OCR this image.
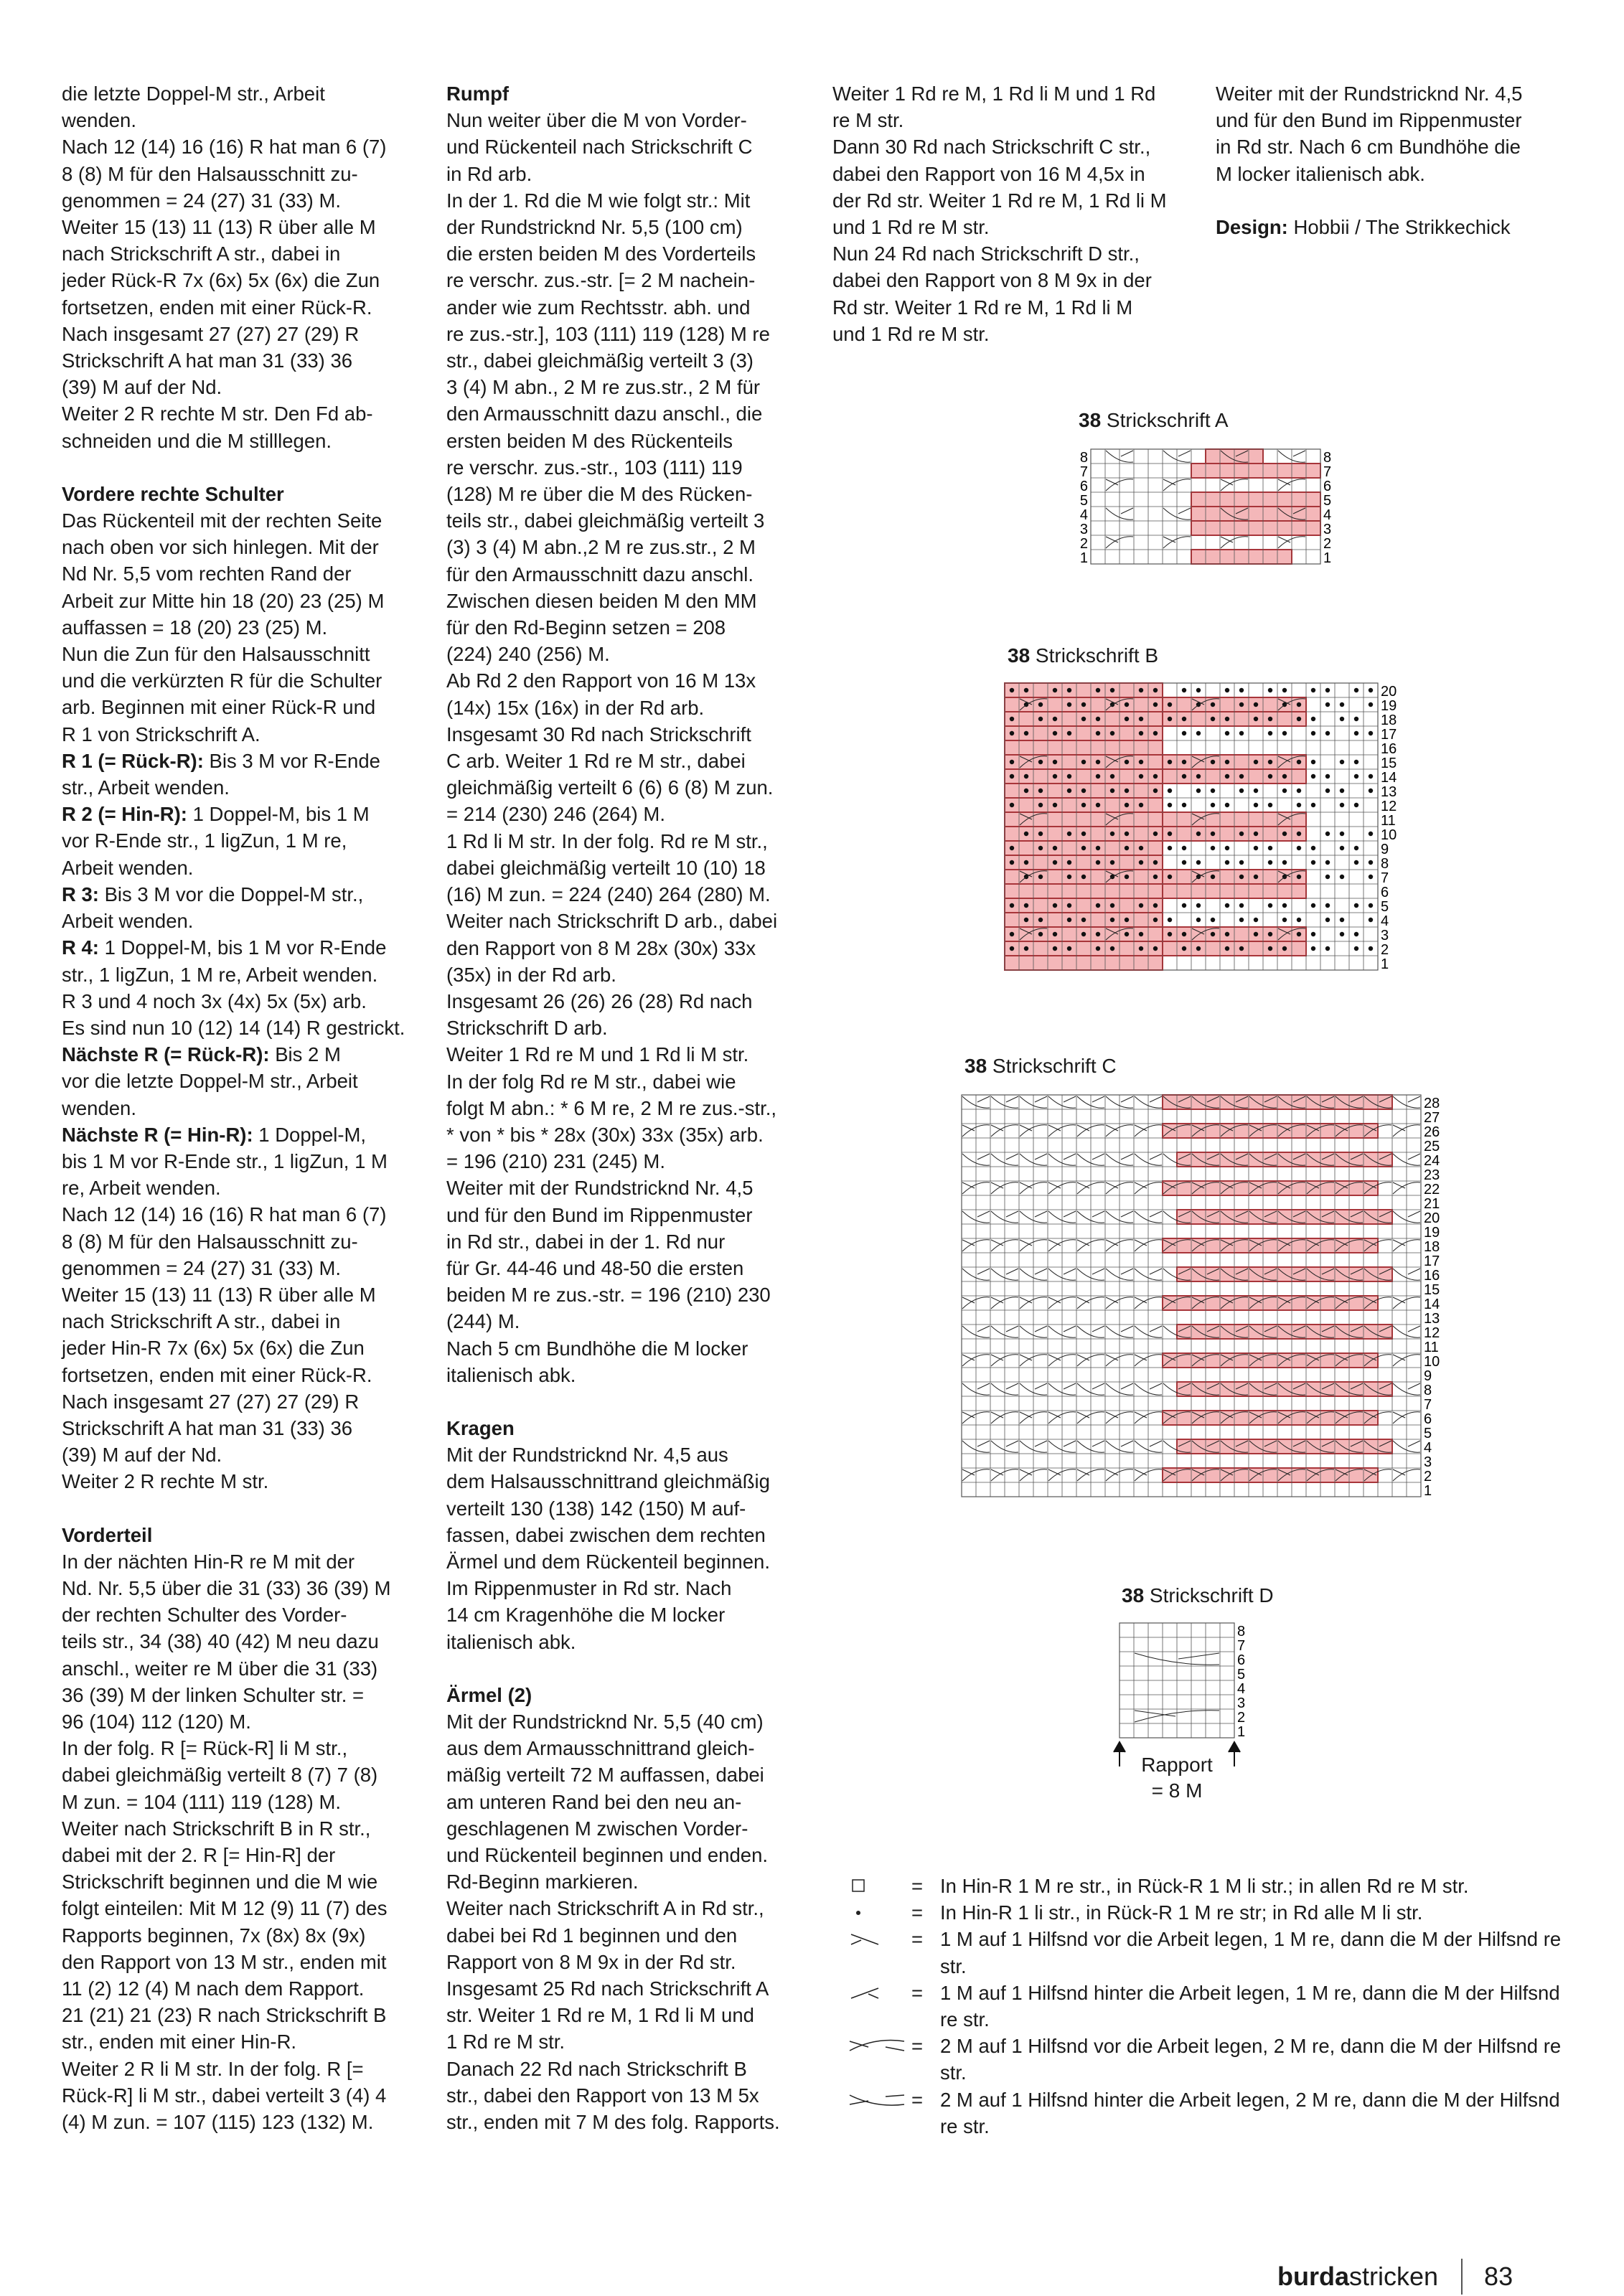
die letzte Doppel-M str., Arbeit

wenden.

Nach 12 (14) 16 (16) R hat man 6 (7)

8 (8) M für den Halsausschnitt zu-

genommen = 24 (27) 31 (33) M.

Weiter 15 (13) 11 (13) R über alle M

nach Strickschrift A str., dabei in

jeder Rück-R 7x (6x) 5x (6x) die Zun

fortsetzen, enden mit einer Rück-R.

Nach insgesamt 27 (27) 27 (29) R

Strickschrift A hat man 31 (33) 36

(39) M auf der Nd.

Weiter 2 R rechte M str. Den Fd ab-

schneiden und die M stilllegen.

Vordere rechte Schulter

Das Rückenteil mit der rechten Seite

nach oben vor sich hinlegen. Mit der

Nd Nr. 5,5 vom rechten Rand der

Arbeit zur Mitte hin 18 (20) 23 (25) M

auffassen = 18 (20) 23 (25) M.

Nun die Zun für den Halsausschnitt

und die verkürzten R für die Schulter

arb. Beginnen mit einer Rück-R und

R 1 von Strickschrift A.

R 1 (= Rück-R): Bis 3 M vor R-Ende

str., Arbeit wenden.

R 2 (= Hin-R): 1 Doppel-M, bis 1 M

vor R-Ende str., 1 ligZun, 1 M re,

Arbeit wenden.

R 3: Bis 3 M vor die Doppel-M str.,

Arbeit wenden.

R 4: 1 Doppel-M, bis 1 M vor R-Ende

str., 1 ligZun, 1 M re, Arbeit wenden.

R 3 und 4 noch 3x (4x) 5x (5x) arb.

Es sind nun 10 (12) 14 (14) R gestrickt.

Nächste R (= Rück-R): Bis 2 M

vor die letzte Doppel-M str., Arbeit

wenden.

Nächste R (= Hin-R): 1 Doppel-M,

bis 1 M vor R-Ende str., 1 ligZun, 1 M

re, Arbeit wenden.

Nach 12 (14) 16 (16) R hat man 6 (7)

8 (8) M für den Halsausschnitt zu-

genommen = 24 (27) 31 (33) M.

Weiter 15 (13) 11 (13) R über alle M

nach Strickschrift A str., dabei in

jeder Hin-R 7x (6x) 5x (6x) die Zun

fortsetzen, enden mit einer Rück-R.

Nach insgesamt 27 (27) 27 (29) R

Strickschrift A hat man 31 (33) 36

(39) M auf der Nd.

Weiter 2 R rechte M str.

Vorderteil

In der nächten Hin-R re M mit der

Nd. Nr. 5,5 über die 31 (33) 36 (39) M

der rechten Schulter des Vorder-

teils str., 34 (38) 40 (42) M neu dazu

anschl., weiter re M über die 31 (33)

36 (39) M der linken Schulter str. =

96 (104) 112 (120) M.

In der folg. R [= Rück-R] li M str.,

dabei gleichmäßig verteilt 8 (7) 7 (8)

M zun. = 104 (111) 119 (128) M.

Weiter nach Strickschrift B in R str.,

dabei mit der 2. R [= Hin-R] der

Strickschrift beginnen und die M wie

folgt einteilen: Mit M 12 (9) 11 (7) des

Rapports beginnen, 7x (8x) 8x (9x)

den Rapport von 13 M str., enden mit

11 (2) 12 (4) M nach dem Rapport.

21 (21) 21 (23) R nach Strickschrift B

str., enden mit einer Hin-R.

Weiter 2 R li M str. In der folg. R [=

Rück-R] li M str., dabei verteilt 3 (4) 4

(4) M zun. = 107 (115) 123 (132) M.

Rumpf

Nun weiter über die M von Vorder-

und Rückenteil nach Strickschrift C

in Rd arb.

In der 1. Rd die M wie folgt str.: Mit

der Rundstricknd Nr. 5,5 (100 cm)

die ersten beiden M des Vorderteils

re verschr. zus.-str. [= 2 M nachein-

ander wie zum Rechtsstr. abh. und

re zus.-str.], 103 (111) 119 (128) M re

str., dabei gleichmäßig verteilt 3 (3)

3 (4) M abn., 2 M re zus.str., 2 M für

den Armausschnitt dazu anschl., die

ersten beiden M des Rückenteils

re verschr. zus.-str., 103 (111) 119

(128) M re über die M des Rücken-

teils str., dabei gleichmäßig verteilt 3

(3) 3 (4) M abn.,2 M re zus.str., 2 M

für den Armausschnitt dazu anschl.

Zwischen diesen beiden M den MM

für den Rd-Beginn setzen = 208

(224) 240 (256) M.

Ab Rd 2 den Rapport von 16 M 13x

(14x) 15x (16x) in der Rd arb.

Insgesamt 30 Rd nach Strickschrift

C arb. Weiter 1 Rd re M str., dabei

gleichmäßig verteilt 6 (6) 6 (8) M zun.

= 214 (230) 246 (264) M.

1 Rd li M str. In der folg. Rd re M str.,

dabei gleichmäßig verteilt 10 (10) 18

(16) M zun. = 224 (240) 264 (280) M.

Weiter nach Strickschrift D arb., dabei

den Rapport von 8 M 28x (30x) 33x

(35x) in der Rd arb.

Insgesamt 26 (26) 26 (28) Rd nach

Strickschrift D arb.

Weiter 1 Rd re M und 1 Rd li M str.

In der folg Rd re M str., dabei wie

folgt M abn.: * 6 M re, 2 M re zus.-str.,

* von * bis * 28x (30x) 33x (35x) arb.

= 196 (210) 231 (245) M.

Weiter mit der Rundstricknd Nr. 4,5

und für den Bund im Rippenmuster

in Rd str., dabei in der 1. Rd nur

für Gr. 44-46 und 48-50 die ersten

beiden M re zus.-str. = 196 (210) 230

(244) M.

Nach 5 cm Bundhöhe die M locker

italienisch abk.

Kragen

Mit der Rundstricknd Nr. 4,5 aus

dem Halsausschnittrand gleichmäßig

verteilt 130 (138) 142 (150) M auf-

fassen, dabei zwischen dem rechten

Ärmel und dem Rückenteil beginnen.

Im Rippenmuster in Rd str. Nach

14 cm Kragenhöhe die M locker

italienisch abk.

Ärmel (2)

Mit der Rundstricknd Nr. 5,5 (40 cm)

aus dem Armausschnittrand gleich-

mäßig verteilt 72 M auffassen, dabei

am unteren Rand bei den neu an-

geschlagenen M zwischen Vorder-

und Rückenteil beginnen und enden.

Rd-Beginn markieren.

Weiter nach Strickschrift A in Rd str.,

dabei bei Rd 1 beginnen und den

Rapport von 8 M 9x in der Rd str.

Insgesamt 25 Rd nach Strickschrift A

str. Weiter 1 Rd re M, 1 Rd li M und

1 Rd re M str.

Danach 22 Rd nach Strickschrift B

str., dabei den Rapport von 13 M 5x

str., enden mit 7 M des folg. Rapports.

Weiter 1 Rd re M, 1 Rd li M und 1 Rd

re M str.

Dann 30 Rd nach Strickschrift C str.,

dabei den Rapport von 16 M 4,5x in

der Rd str. Weiter 1 Rd re M, 1 Rd li M

und 1 Rd re M str.

Nun 24 Rd nach Strickschrift D str.,

dabei den Rapport von 8 M 9x in der

Rd str. Weiter 1 Rd re M, 1 Rd li M

und 1 Rd re M str.

Weiter mit der Rundstricknd Nr. 4,5

und für den Bund im Rippenmuster

in Rd str. Nach 6 cm Bundhöhe die

M locker italienisch abk.

Design: Hobbii / The Strikkechick

38 Strickschrift A
38 Strickschrift B
38 Strickschrift C
38 Strickschrift D
1
2
3
4
5
6
7
8
1
2
3
4
5
6
7
8
1
2
3
4
5
6
7
8
9
10
11
12
13
14
15
16
17
18
19
20
1
2
3
4
5
6
7
8
9
10
11
12
13
14
15
16
17
18
19
20
21
22
23
24
25
26
27
28
1
2
3
4
5
6
7
8
Rapport
= 8 M
= In Hin-R 1 M re str., in Rück-R 1 M li str.; in allen Rd re M str.
= In Hin-R 1 li str., in Rück-R 1 M re str; in Rd alle M li str.
= 1 M auf 1 Hilfsnd vor die Arbeit legen, 1 M re, dann die M der Hilfsnd re str.
= 1 M auf 1 Hilfsnd hinter die Arbeit legen, 1 M re, dann die M der Hilfsnd re str.
= 2 M auf 1 Hilfsnd vor die Arbeit legen, 2 M re, dann die M der Hilfsnd re str.
= 2 M auf 1 Hilfsnd hinter die Arbeit legen, 2 M re, dann die M der Hilfsnd re str.
burdastricken 83
